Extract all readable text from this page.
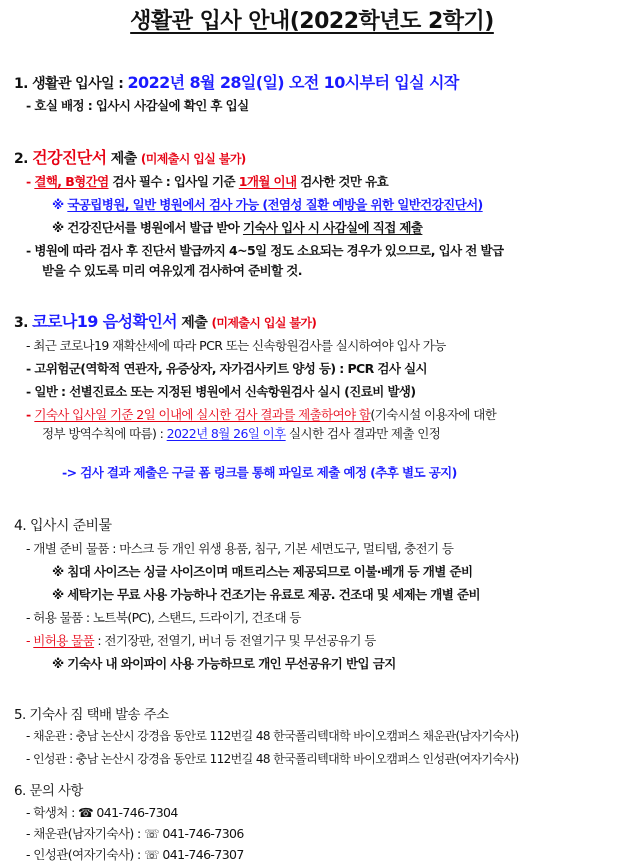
생활관 입사 안내(2022학년도 2학기)
1. 생활관 입사일 : 2022년 8월 28일(일) 오전 10시부터 입실 시작
- 호실 배정 : 입사시 사감실에 확인 후 입실
2. 건강진단서 제출 (미제출시 입실 불가)
- 결핵, B형간염 검사 필수 : 입사일 기준 1개월 이내 검사한 것만 유효
※ 국공립병원, 일반 병원에서 검사 가능 (전염성 질환 예방을 위한 일반건강진단서)
※ 건강진단서를 병원에서 발급 받아 기숙사 입사 시 사감실에 직접 제출
- 병원에 따라 검사 후 진단서 발급까지 4~5일 정도 소요되는 경우가 있으므로, 입사 전 발급
받을 수 있도록 미리 여유있게 검사하여 준비할 것.
3. 코로나19 음성확인서 제출 (미제출시 입실 불가)
- 최근 코로나19 재확산세에 따라 PCR 또는 신속항원검사를 실시하여야 입사 가능
- 고위험군(역학적 연관자, 유증상자, 자가검사키트 양성 등) : PCR 검사 실시
- 일반 : 선별진료소 또는 지정된 병원에서 신속항원검사 실시 (진료비 발생)
- 기숙사 입사일 기준 2일 이내에 실시한 검사 결과를 제출하여야 함(기숙시설 이용자에 대한
정부 방역수칙에 따름) : 2022년 8월 26일 이후 실시한 검사 결과만 제출 인정
-> 검사 결과 제출은 구글 폼 링크를 통해 파일로 제출 예정 (추후 별도 공지)
4. 입사시 준비물
- 개별 준비 물품 : 마스크 등 개인 위생 용품, 침구, 기본 세면도구, 멀티탭, 충전기 등
※ 침대 사이즈는 싱글 사이즈이며 매트리스는 제공되므로 이불·베개 등 개별 준비
※ 세탁기는 무료 사용 가능하나 건조기는 유료로 제공. 건조대 및 세제는 개별 준비
- 허용 물품 : 노트북(PC), 스탠드, 드라이기, 건조대 등
- 비허용 물품 : 전기장판, 전열기, 버너 등 전열기구 및 무선공유기 등
※ 기숙사 내 와이파이 사용 가능하므로 개인 무선공유기 반입 금지
5. 기숙사 짐 택배 발송 주소
- 채운관 : 충남 논산시 강경읍 동안로 112번길 48 한국폴리텍대학 바이오캠퍼스 채운관(남자기숙사)
- 인성관 : 충남 논산시 강경읍 동안로 112번길 48 한국폴리텍대학 바이오캠퍼스 인성관(여자기숙사)
6. 문의 사항
- 학생처 : ☎ 041-746-7304
- 채운관(남자기숙사) : ☏ 041-746-7306
- 인성관(여자기숙사) : ☏ 041-746-7307
